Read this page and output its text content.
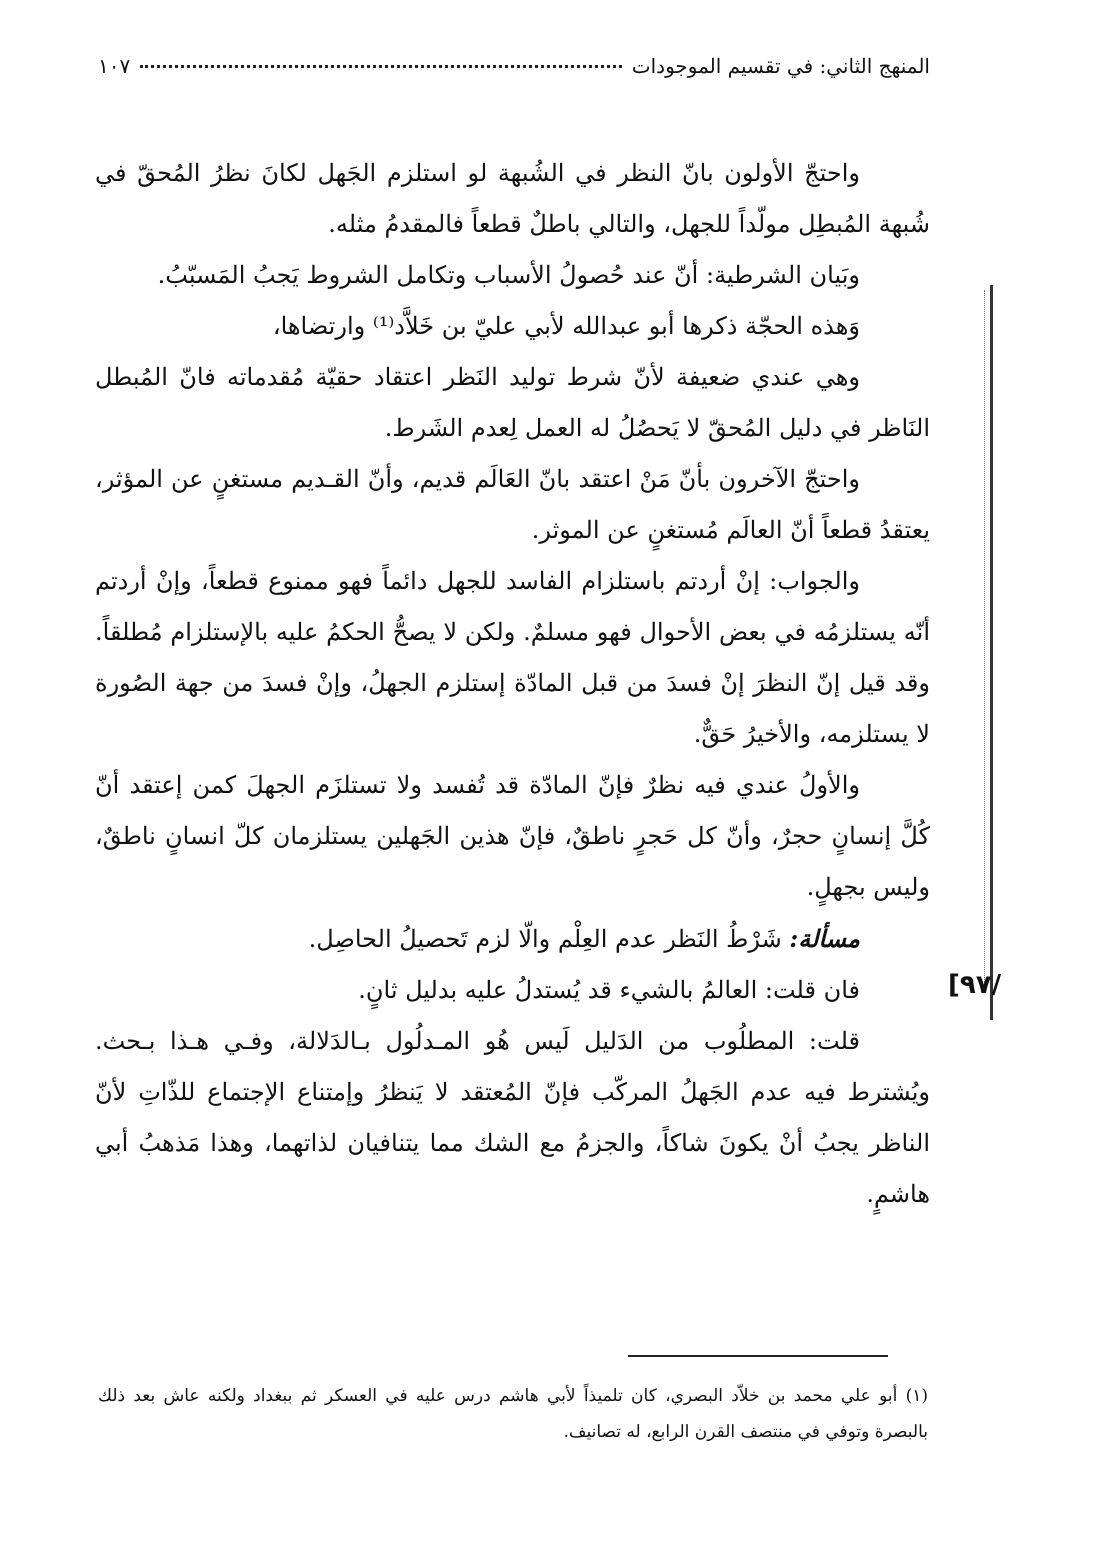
المنهج الثاني: في تقسيم الموجودات
١٠٧
[٩٧/

واحتجّ الأولون بانّ النظر في الشُبهة لو استلزم الجَهل لكانَ نظرُ المُحقّ في شُبهة المُبطِل مولّداً للجهل، والتالي باطلٌ قطعاً فالمقدمُ مثله.

وبَيان الشرطية: أنّ عند حُصولُ الأسباب وتكامل الشروط يَجبُ المَسبّبُ.

وَهذه الحجّة ذكرها أبو عبدالله لأبي عليّ بن خَلاَّد⁽¹⁾ وارتضاها،

وهي عندي ضعيفة لأنّ شرط توليد النَظر اعتقاد حقيّة مُقدماته فانّ المُبطل النَاظر في دليل المُحقّ لا يَحصُلُ له العمل لِعدم الشَرط.

واحتجّ الآخرون بأنّ مَنْ اعتقد بانّ العَالَم قديم، وأنّ القـديم مستغنٍ عن المؤثر، يعتقدُ قطعاً أنّ العالَم مُستغنٍ عن الموثر.

والجواب: إنْ أردتم باستلزام الفاسد للجهل دائماً فهو ممنوع قطعاً، وإنْ أردتم أنّه يستلزمُه في بعض الأحوال فهو مسلمٌ. ولكن لا يصحُّ الحكمُ عليه بالإستلزام مُطلقاً. وقد قيل إنّ النظرَ إنْ فسدَ من قبل المادّة إستلزم الجهلُ، وإنْ فسدَ من جهة الصُورة لا يستلزمه، والأخيرُ حَقٌّ.

والأولُ عندي فيه نظرٌ فإنّ المادّة قد تُفسد ولا تستلزَم الجهلَ كمن إعتقد أنّ كُلَّ إنسانٍ حجرٌ، وأنّ كل حَجرٍ ناطقٌ، فإنّ هذين الجَهلين يستلزمان كلّ انسانٍ ناطقٌ، وليس بجهلٍ.

مسألة: شَرْطُ النَظر عدم العِلْم والّا لزم تَحصيلُ الحاصِل.

فان قلت: العالمُ بالشيء قد يُستدلُ عليه بدليل ثانٍ.

قلت: المطلُوب من الدَليل لَيس هُو المـدلُول بـالدَلالة، وفـي هـذا بـحث. ويُشترط فيه عدم الجَهلُ المركّب فإنّ المُعتقد لا يَنظرُ وإمتناع الإجتماع للذّاتِ لأنّ الناظر يجبُ أنْ يكونَ شاكاً، والجزمُ مع الشك مما يتنافيان لذاتهما، وهذا مَذهبُ أبي هاشمٍ.

(١) أبو علي محمد بن خلاّد البصري، كان تلميذاً لأبي هاشم درس عليه في العسكر ثم ببغداد ولكنه عاش بعد ذلك بالبصرة وتوفي في منتصف القرن الرابع، له تصانيف.
